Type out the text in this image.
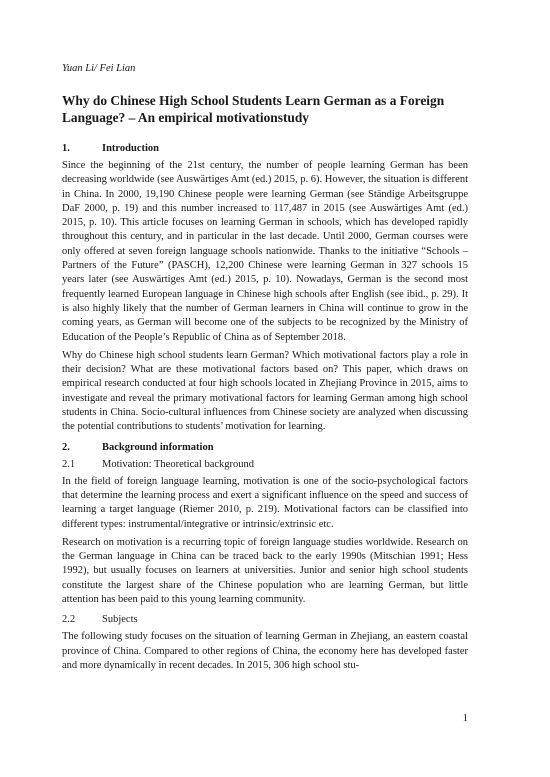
Yuan Li/ Fei Lian
Why do Chinese High School Students Learn German as a Foreign Language? – An empirical motivationstudy
1.	Introduction

Since the beginning of the 21st century, the number of people learning German has been decreasing worldwide (see Auswärtiges Amt (ed.) 2015, p. 6). However, the situation is different in China. In 2000, 19,190 Chinese people were learning German (see Ständige Arbeitsgruppe DaF 2000, p. 19) and this number increased to 117,487 in 2015 (see Auswärtiges Amt (ed.) 2015, p. 10). This article focuses on learning German in schools, which has developed rapidly throughout this century, and in particular in the last decade. Until 2000, German courses were only offered at seven foreign language schools nationwide. Thanks to the initiative “Schools – Partners of the Future” (PASCH), 12,200 Chinese were learning German in 327 schools 15 years later (see Auswärtiges Amt (ed.) 2015, p. 10). Nowadays, German is the second most frequently learned European language in Chinese high schools after English (see ibid., p. 29). It is also highly likely that the number of German learners in China will continue to grow in the coming years, as German will become one of the subjects to be recognized by the Ministry of Education of the People’s Republic of China as of September 2018.

Why do Chinese high school students learn German? Which motivational factors play a role in their decision? What are these motivational factors based on? This paper, which draws on empirical research conducted at four high schools located in Zhejiang Province in 2015, aims to investigate and reveal the primary motivational factors for learning German among high school students in China. Socio-cultural influences from Chinese society are analyzed when discussing the potential contributions to students’ motivation for learning.

2.	Background information
2.1	Motivation: Theoretical background

In the field of foreign language learning, motivation is one of the socio-psychological factors that determine the learning process and exert a significant influence on the speed and success of learning a target language (Riemer 2010, p. 219). Motivational factors can be classified into different types: instrumental/integrative or intrinsic/extrinsic etc.

Research on motivation is a recurring topic of foreign language studies worldwide. Research on the German language in China can be traced back to the early 1990s (Mitschian 1991; Hess 1992), but usually focuses on learners at universities. Junior and senior high school students constitute the largest share of the Chinese population who are learning German, but little attention has been paid to this young learning community.

2.2	Subjects

The following study focuses on the situation of learning German in Zhejiang, an eastern coastal province of China. Compared to other regions of China, the economy here has developed faster and more dynamically in recent decades. In 2015, 306 high school stu-

1
